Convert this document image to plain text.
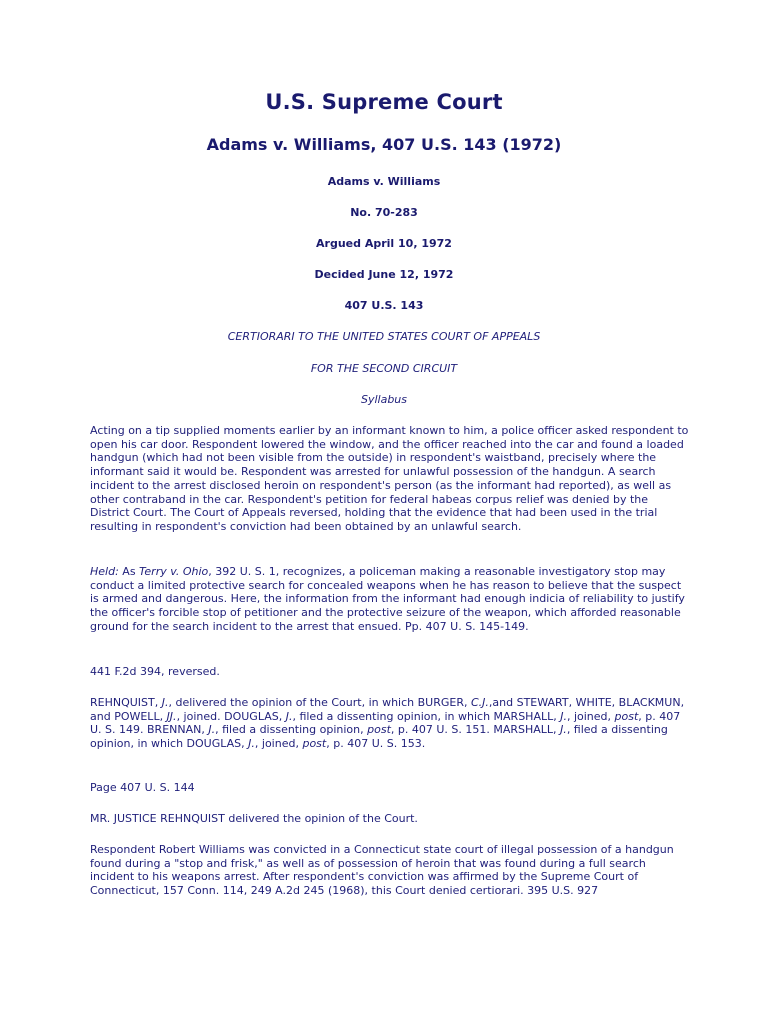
U.S. Supreme Court
Adams v. Williams, 407 U.S. 143 (1972)
Adams v. Williams
No. 70-283
Argued April 10, 1972
Decided June 12, 1972
407 U.S. 143
CERTIORARI TO THE UNITED STATES COURT OF APPEALS
FOR THE SECOND CIRCUIT
Syllabus

Acting on a tip supplied moments earlier by an informant known to him, a police officer asked respondent to open his car door. Respondent lowered the window, and the officer reached into the car and found a loaded handgun (which had not been visible from the outside) in respondent's waistband, precisely where the informant said it would be. Respondent was arrested for unlawful possession of the handgun. A search incident to the arrest disclosed heroin on respondent's person (as the informant had reported), as well as other contraband in the car. Respondent's petition for federal habeas corpus relief was denied by the District Court. The Court of Appeals reversed, holding that the evidence that had been used in the trial resulting in respondent's conviction had been obtained by an unlawful search.

Held: As Terry v. Ohio, 392 U. S. 1, recognizes, a policeman making a reasonable investigatory stop may conduct a limited protective search for concealed weapons when he has reason to believe that the suspect is armed and dangerous. Here, the information from the informant had enough indicia of reliability to justify the officer's forcible stop of petitioner and the protective seizure of the weapon, which afforded reasonable ground for the search incident to the arrest that ensued. Pp. 407 U. S. 145-149.

441 F.2d 394, reversed.

REHNQUIST, J., delivered the opinion of the Court, in which BURGER, C.J.,and STEWART, WHITE, BLACKMUN, and POWELL, JJ., joined. DOUGLAS, J., filed a dissenting opinion, in which MARSHALL, J., joined, post, p. 407 U. S. 149. BRENNAN, J., filed a dissenting opinion, post, p. 407 U. S. 151. MARSHALL, J., filed a dissenting opinion, in which DOUGLAS, J., joined, post, p. 407 U. S. 153.

Page 407 U. S. 144

MR. JUSTICE REHNQUIST delivered the opinion of the Court.

Respondent Robert Williams was convicted in a Connecticut state court of illegal possession of a handgun found during a "stop and frisk," as well as of possession of heroin that was found during a full search incident to his weapons arrest. After respondent's conviction was affirmed by the Supreme Court of Connecticut, 157 Conn. 114, 249 A.2d 245 (1968), this Court denied certiorari. 395 U.S. 927
